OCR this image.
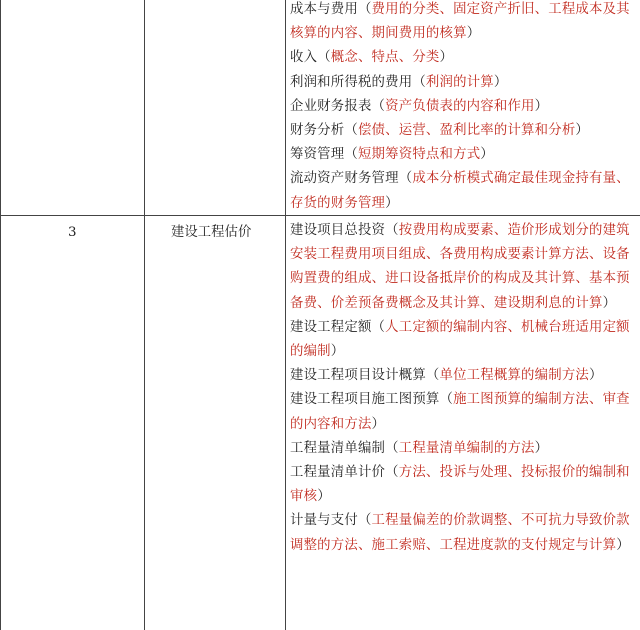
成本与费用（费用的分类、固定资产折旧、工程成本及其核算的内容、期间费用的核算）

收入（概念、特点、分类）

利润和所得税的费用（利润的计算）

企业财务报表（资产负债表的内容和作用）

财务分析（偿债、运营、盈利比率的计算和分析）

筹资管理（短期筹资特点和方式）

流动资产财务管理（成本分析模式确定最佳现金持有量、存货的财务管理）

3	建设工程估价	建设项目总投资（按费用构成要素、造价形成划分的建筑安装工程费用项目组成、各费用构成要素计算方法、设备购置费的组成、进口设备抵岸价的构成及其计算、基本预备费、价差预备费概念及其计算、建设期利息的计算）

建设工程定额（人工定额的编制内容、机械台班适用定额的编制）

建设工程项目设计概算（单位工程概算的编制方法）

建设工程项目施工图预算（施工图预算的编制方法、审查的内容和方法）

工程量清单编制（工程量清单编制的方法）

工程量清单计价（方法、投诉与处理、投标报价的编制和审核）

计量与支付（工程量偏差的价款调整、不可抗力导致价款调整的方法、施工索赔、工程进度款的支付规定与计算）
